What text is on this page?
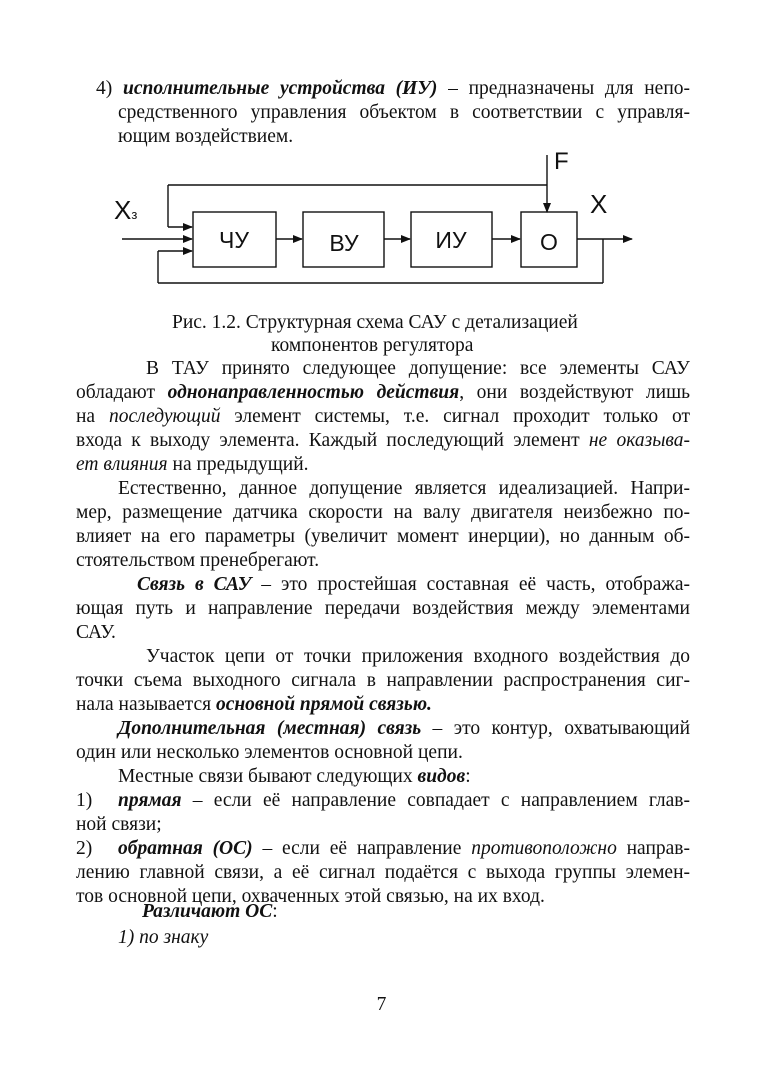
4) исполнительные устройства (ИУ) – предназначены для непо-
средственного управления объектом в соответствии с управля-
ющим воздействием.
Xз
F
X
ЧУ	ВУ	ИУ	О
Рис. 1.2. Структурная схема САУ с детализацией
компонентов регулятора
В ТАУ принято следующее допущение: все элементы САУ
обладают однонаправленностью действия, они воздействуют лишь
на последующий элемент системы, т.е. сигнал проходит только от
входа к выходу элемента. Каждый последующий элемент не оказыва-
ет влияния на предыдущий.
Естественно, данное допущение является идеализацией. Напри-
мер, размещение датчика скорости на валу двигателя неизбежно по-
влияет на его параметры (увеличит момент инерции), но данным об-
стоятельством пренебрегают.
Связь в САУ – это простейшая составная её часть, отобража-
ющая путь и направление передачи воздействия между элементами
САУ.
Участок цепи от точки приложения входного воздействия до
точки съема выходного сигнала в направлении распространения сиг-
нала называется основной прямой связью.
Дополнительная (местная) связь – это контур, охватывающий
один или несколько элементов основной цепи.
Местные связи бывают следующих видов:
1)	прямая – если её направление совпадает с направлением глав-
ной связи;
2)	обратная (ОС) – если её направление противоположно направ-
лению главной связи, а её сигнал подаётся с выхода группы элемен-
тов основной цепи, охваченных этой связью, на их вход.
Различают ОС:
1) по знаку
7
